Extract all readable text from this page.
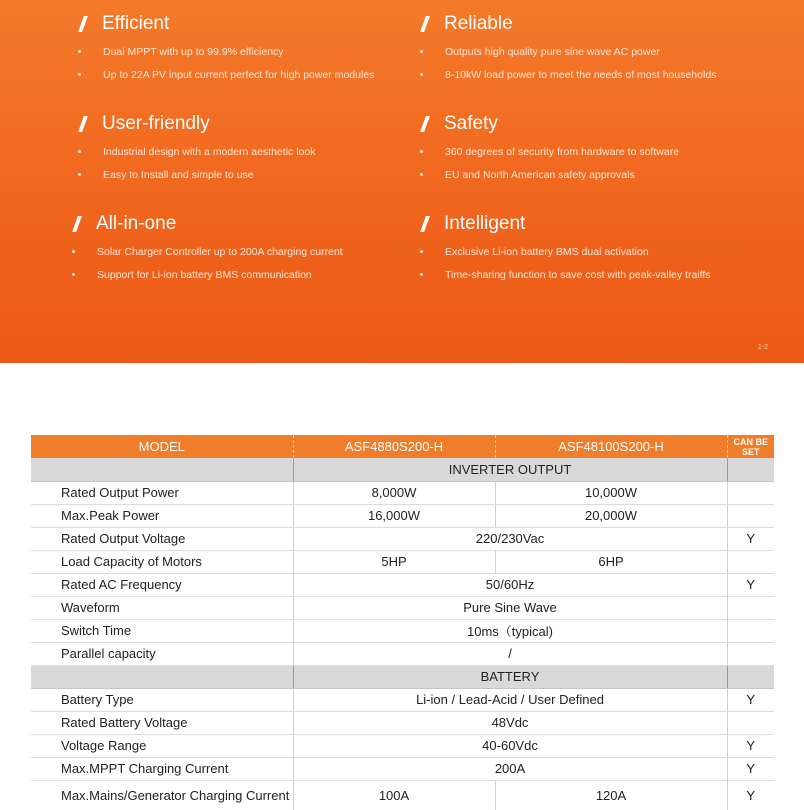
Efficient
Dual MPPT with up to 99.9% efficiency
Up to 22A PV input current perfect for high power modules
Reliable
Outputs high quality pure sine wave AC power
8-10kW load power to meet the needs of most households
User-friendly
Industrial design with a modern aesthetic look
Easy to Install and simple to use
Safety
360 degrees of security from hardware to software
EU and North American safety approvals
All-in-one
Solar Charger Controller up to 200A charging current
Support for Li-ion battery BMS communication
Intelligent
Exclusive Li-ion battery BMS dual activation
Time-sharing function to save cost with peak-valley traiffs
1-2
MODEL	ASF4880S200-H	ASF48100S200-H	CAN BE SET
	INVERTER OUTPUT		
Rated Output Power	8,000W	10,000W	
Max.Peak Power	16,000W	20,000W	
Rated Output Voltage	220/230Vac		Y
Load Capacity of Motors	5HP	6HP	
Rated AC Frequency	50/60Hz		Y
Waveform	Pure Sine Wave		
Switch Time	10ms（typical)		
Parallel capacity	/		
	BATTERY		
Battery Type	Li-ion / Lead-Acid / User Defined		Y
Rated Battery Voltage	48Vdc		
Voltage Range	40-60Vdc		Y
Max.MPPT Charging Current	200A		Y
Max.Mains/Generator Charging Current	100A	120A	Y
